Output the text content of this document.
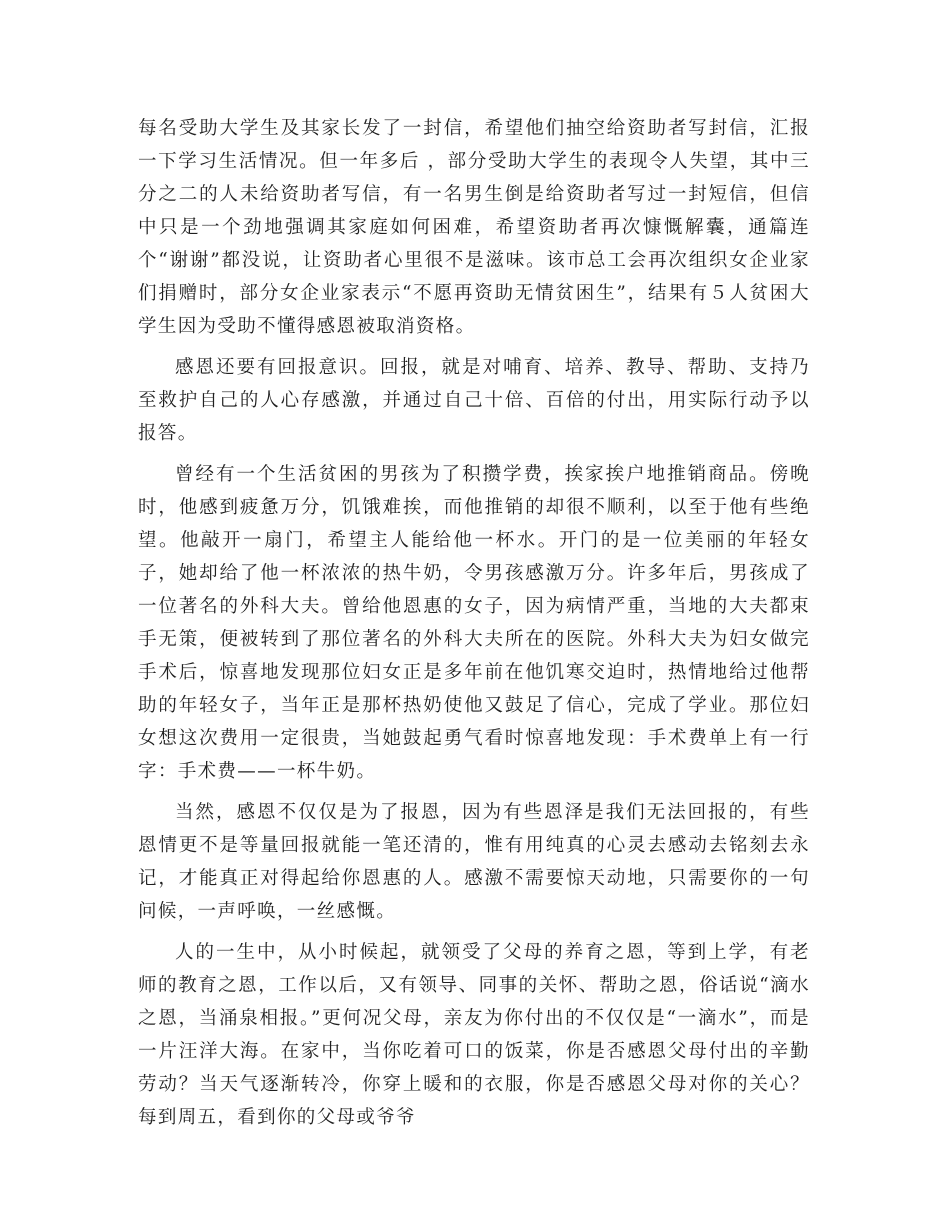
每名受助大学生及其家长发了一封信，希望他们抽空给资助者写封信，汇报一下学习生活情况。但一年多后 ，部分受助大学生的表现令人失望，其中三分之二的人未给资助者写信，有一名男生倒是给资助者写过一封短信，但信中只是一个劲地强调其家庭如何困难，希望资助者再次慷慨解囊，通篇连个“谢谢”都没说，让资助者心里很不是滋味。该市总工会再次组织女企业家们捐赠时，部分女企业家表示“不愿再资助无情贫困生”，结果有５人贫困大学生因为受助不懂得感恩被取消资格。

感恩还要有回报意识。回报，就是对哺育、培养、教导、帮助、支持乃至救护自己的人心存感激，并通过自己十倍、百倍的付出，用实际行动予以报答。

曾经有一个生活贫困的男孩为了积攒学费，挨家挨户地推销商品。傍晚时，他感到疲惫万分，饥饿难挨，而他推销的却很不顺利，以至于他有些绝望。他敲开一扇门，希望主人能给他一杯水。开门的是一位美丽的年轻女子，她却给了他一杯浓浓的热牛奶，令男孩感激万分。许多年后，男孩成了一位著名的外科大夫。曾给他恩惠的女子，因为病情严重，当地的大夫都束手无策，便被转到了那位著名的外科大夫所在的医院。外科大夫为妇女做完手术后，惊喜地发现那位妇女正是多年前在他饥寒交迫时，热情地给过他帮助的年轻女子，当年正是那杯热奶使他又鼓足了信心，完成了学业。那位妇女想这次费用一定很贵，当她鼓起勇气看时惊喜地发现：手术费单上有一行字：手术费——一杯牛奶。

当然，感恩不仅仅是为了报恩，因为有些恩泽是我们无法回报的，有些恩情更不是等量回报就能一笔还清的，惟有用纯真的心灵去感动去铭刻去永记，才能真正对得起给你恩惠的人。感激不需要惊天动地，只需要你的一句问候，一声呼唤，一丝感慨。

人的一生中，从小时候起，就领受了父母的养育之恩，等到上学，有老师的教育之恩，工作以后，又有领导、同事的关怀、帮助之恩，俗话说“滴水之恩，当涌泉相报。”更何况父母，亲友为你付出的不仅仅是“一滴水”，而是一片汪洋大海。在家中，当你吃着可口的饭菜，你是否感恩父母付出的辛勤劳动？当天气逐渐转冷，你穿上暖和的衣服，你是否感恩父母对你的关心？每到周五，看到你的父母或爷爷
